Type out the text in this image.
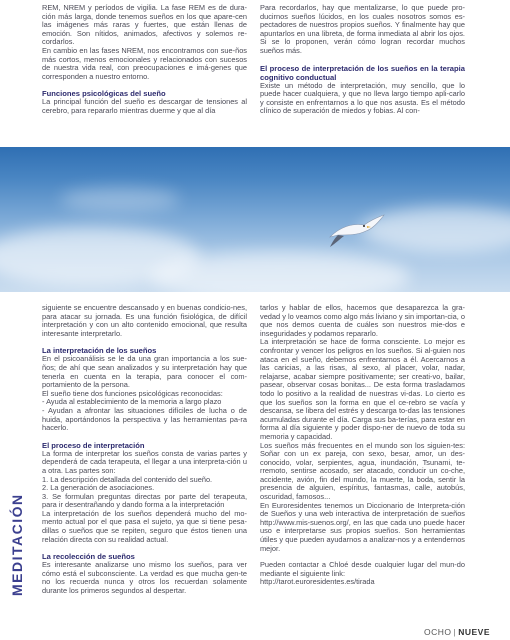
REM, NREM y períodos de vigilia. La fase REM es de dura-ción más larga, donde tenemos sueños en los que apare-cen las imágenes más raras y fuertes, que están llenas de emoción. Son nítidos, animados, afectivos y solemos re-cordarlos.

En cambio en las fases NREM, nos encontramos con sue-ños más cortos, menos emocionales y relacionados con sucesos de nuestra vida real, con preocupaciones e imá-genes que corresponden a nuestro entorno.

Funciones psicológicas del sueño

La principal función del sueño es descargar de tensiones al cerebro, para repararlo mientras duerme y que al día

Para recordarlos, hay que mentalizarse, lo que puede pro-ducirnos sueños lúcidos, en los cuales nosotros somos es-pectadores de nuestros propios sueños. Y finalmente hay que apuntarlos en una libreta, de forma inmediata al abrir los ojos. Si se lo proponen, verán cómo logran recordar muchos sueños más.

El proceso de interpretación de los sueños en la terapia cognitivo conductual

Existe un método de interpretación, muy sencillo, que lo puede hacer cualquiera, y que no lleva largo tiempo apli-carlo y consiste en enfrentarnos a lo que nos asusta. Es el método clínico de superación de miedos y fobias. Al con-

siguiente se encuentre descansado y en buenas condicio-nes, para atacar su jornada. Es una función fisiológica, de difícil interpretación y con un alto contenido emocional, que resulta interesante interpretarlo.

La interpretación de los sueños

En el psicoanálisis se le da una gran importancia a los sue-ños; de ahí que sean analizados y su interpretación hay que tenerla en cuenta en la terapia, para conocer el com-portamiento de la persona.

El sueño tiene dos funciones psicológicas reconocidas:

- Ayuda al establecimiento de la memoria a largo plazo

- Ayudan a afrontar las situaciones difíciles de lucha o de huida, aportándonos la perspectiva y las herramientas pa-ra hacerlo.

El proceso de interpretación

La forma de interpretar los sueños consta de varias partes y dependerá de cada terapeuta, el llegar a una interpreta-ción u a otra. Las partes son:

1. La descripción detallada del contenido del sueño.

2. La generación de asociaciones.

3. Se formulan preguntas directas por parte del terapeuta, para ir desentrañando y dando forma a la interpretación

La interpretación de los sueños dependerá mucho del mo-mento actual por el que pasa el sujeto, ya que si tiene pesa-dillas o sueños que se repiten, seguro que éstos tienen una relación directa con su realidad actual.

La recolección de sueños

Es interesante analizarse uno mismo los sueños, para ver cómo está el subconsciente. La verdad es que mucha gen-te no los recuerda nunca y otros los recuerdan solamente durante los primeros segundos al despertar.

tarlos y hablar de ellos, hacemos que desaparezca la gra-vedad y lo veamos como algo más liviano y sin importan-cia, o que nos demos cuenta de cuáles son nuestros mie-dos e inseguridades y podamos repararlo.

La interpretación se hace de forma consciente. Lo mejor es confrontar y vencer los peligros en los sueños. Si al-guien nos ataca en el sueño, debemos enfrentarnos a él. Acercarnos a las caricias, a las risas, al sexo, al placer, volar, nadar, relajarse, acabar siempre positivamente; ser creati-vo, bailar, pasear, observar cosas bonitas... De esta forma trasladamos todo lo positivo a la realidad de nuestras vi-das. Lo cierto es que los sueños son la forma en que el ce-rebro se vacía y descansa, se libera del estrés y descarga to-das las tensiones acumuladas durante el día. Carga sus ba-terías, para estar en forma al día siguiente y poder dispo-ner de nuevo de toda su memoria y capacidad.

Los sueños más frecuentes en el mundo son los siguien-tes: Soñar con un ex pareja, con sexo, besar, amor, un des-conocido, volar, serpientes, agua, inundación, Tsunami, te-rremoto, sentirse acosado, ser atacado, conducir un co-che, accidente, avión, fin del mundo, la muerte, la boda, sentir la presencia de alguien, espíritus, fantasmas, calle, autobús, oscuridad, famosos...

En Euroresidentes tenemos un Diccionario de Interpreta-ción de Sueños y una web interactiva de interpretación de sueños http://www.mis-suenos.org/, en las que cada uno puede hacer uso e interpretarse sus propios sueños. Son herramientas útiles y que pueden ayudarnos a analizar-nos y a entendernos mejor.

Pueden contactar a Chloé desde cualquier lugar del mun-do mediante el siguiente link:

http://tarot.euroresidentes.es/tirada

MEDITACIÓN
OCHO | NUEVE
